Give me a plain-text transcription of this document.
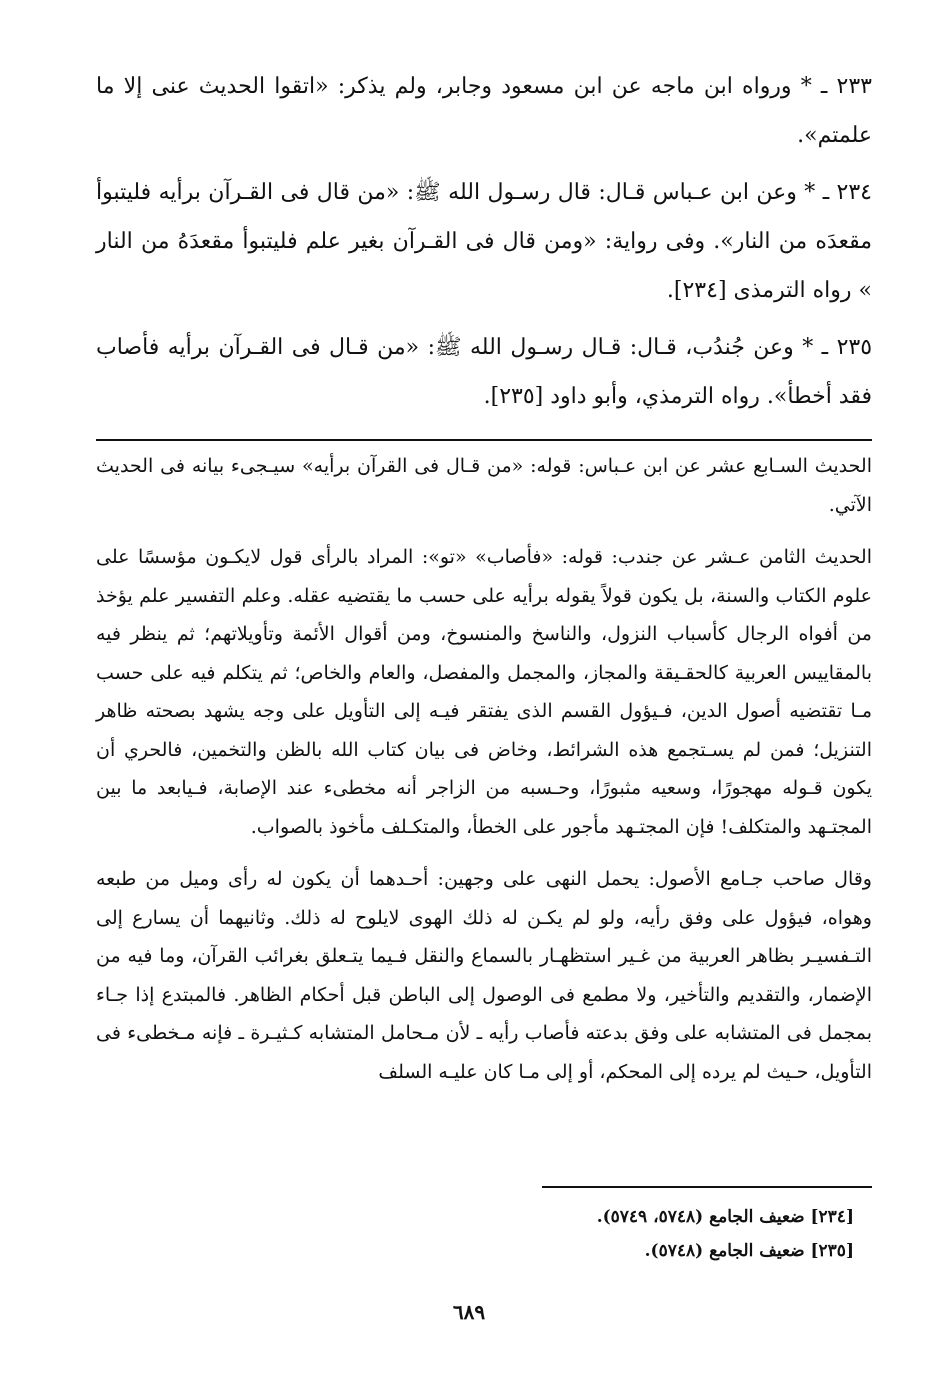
٢٣٣ ـ * ورواه ابن ماجه عن ابن مسعود وجابر، ولم يذكر: «اتقوا الحديث عنى إلا ما علمتم».

٢٣٤ ـ * وعن ابن عـباس قـال: قال رسـول الله ﷺ: «من قال فى القـرآن برأيه فليتبوأ مقعدَه من النار». وفى رواية: «ومن قال فى القـرآن بغير علم فليتبوأ مقعدَهُ من النار » رواه الترمذى [٢٣٤].

٢٣٥ ـ * وعن جُندُب، قـال: قـال رسـول الله ﷺ: «من قـال فى القـرآن برأيه فأصاب فقد أخطأ». رواه الترمذي، وأبو داود [٢٣٥].

الحديث السـابع عشر عن ابن عـباس: قوله: «من قـال فى القرآن برأيه» سيـجىء بيانه فى الحديث الآتي.

الحديث الثامن عـشر عن جندب: قوله: «فأصاب» «تو»: المراد بالرأى قول لايكـون مؤسسًا على علوم الكتاب والسنة، بل يكون قولاً يقوله برأيه على حسب ما يقتضيه عقله. وعلم التفسير علم يؤخذ من أفواه الرجال كأسباب النزول، والناسخ والمنسوخ، ومن أقوال الأئمة وتأويلاتهم؛ ثم ينظر فيه بالمقاييس العربية كالحقـيقة والمجاز، والمجمل والمفصل، والعام والخاص؛ ثم يتكلم فيه على حسب مـا تقتضيه أصول الدين، فـيؤول القسم الذى يفتقر فيـه إلى التأويل على وجه يشهد بصحته ظاهر التنزيل؛ فمن لم يسـتجمع هذه الشرائط، وخاض فى بيان كتاب الله بالظن والتخمين، فالحري أن يكون قـوله مهجورًا، وسعيه مثبورًا، وحـسبه من الزاجر أنه مخطىء عند الإصابة، فـيابعد ما بين المجتـهد والمتكلف! فإن المجتـهد مأجور على الخطأ، والمتكـلف مأخوذ بالصواب.

وقال صاحب جـامع الأصول: يحمل النهى على وجهين: أحـدهما أن يكون له رأى وميل من طبعه وهواه، فيؤول على وفق رأيه، ولو لم يكـن له ذلك الهوى لايلوح له ذلك. وثانيهما أن يسارع إلى التـفسيـر بظاهر العربية من غـير استظهـار بالسماع والنقل فـيما يتـعلق بغرائب القرآن، وما فيه من الإضمار، والتقديم والتأخير، ولا مطمع فى الوصول إلى الباطن قبل أحكام الظاهر. فالمبتدع إذا جـاء بمجمل فى المتشابه على وفق بدعته فأصاب رأيه ـ لأن مـحامل المتشابه كـثيـرة ـ فإنه مـخطىء فى التأويل، حـيث لم يرده إلى المحكم، أو إلى مـا كان عليـه السلف

[٢٣٤] ضعيف الجامع (٥٧٤٨، ٥٧٤٩).
[٢٣٥] ضعيف الجامع (٥٧٤٨).
٦٨٩
